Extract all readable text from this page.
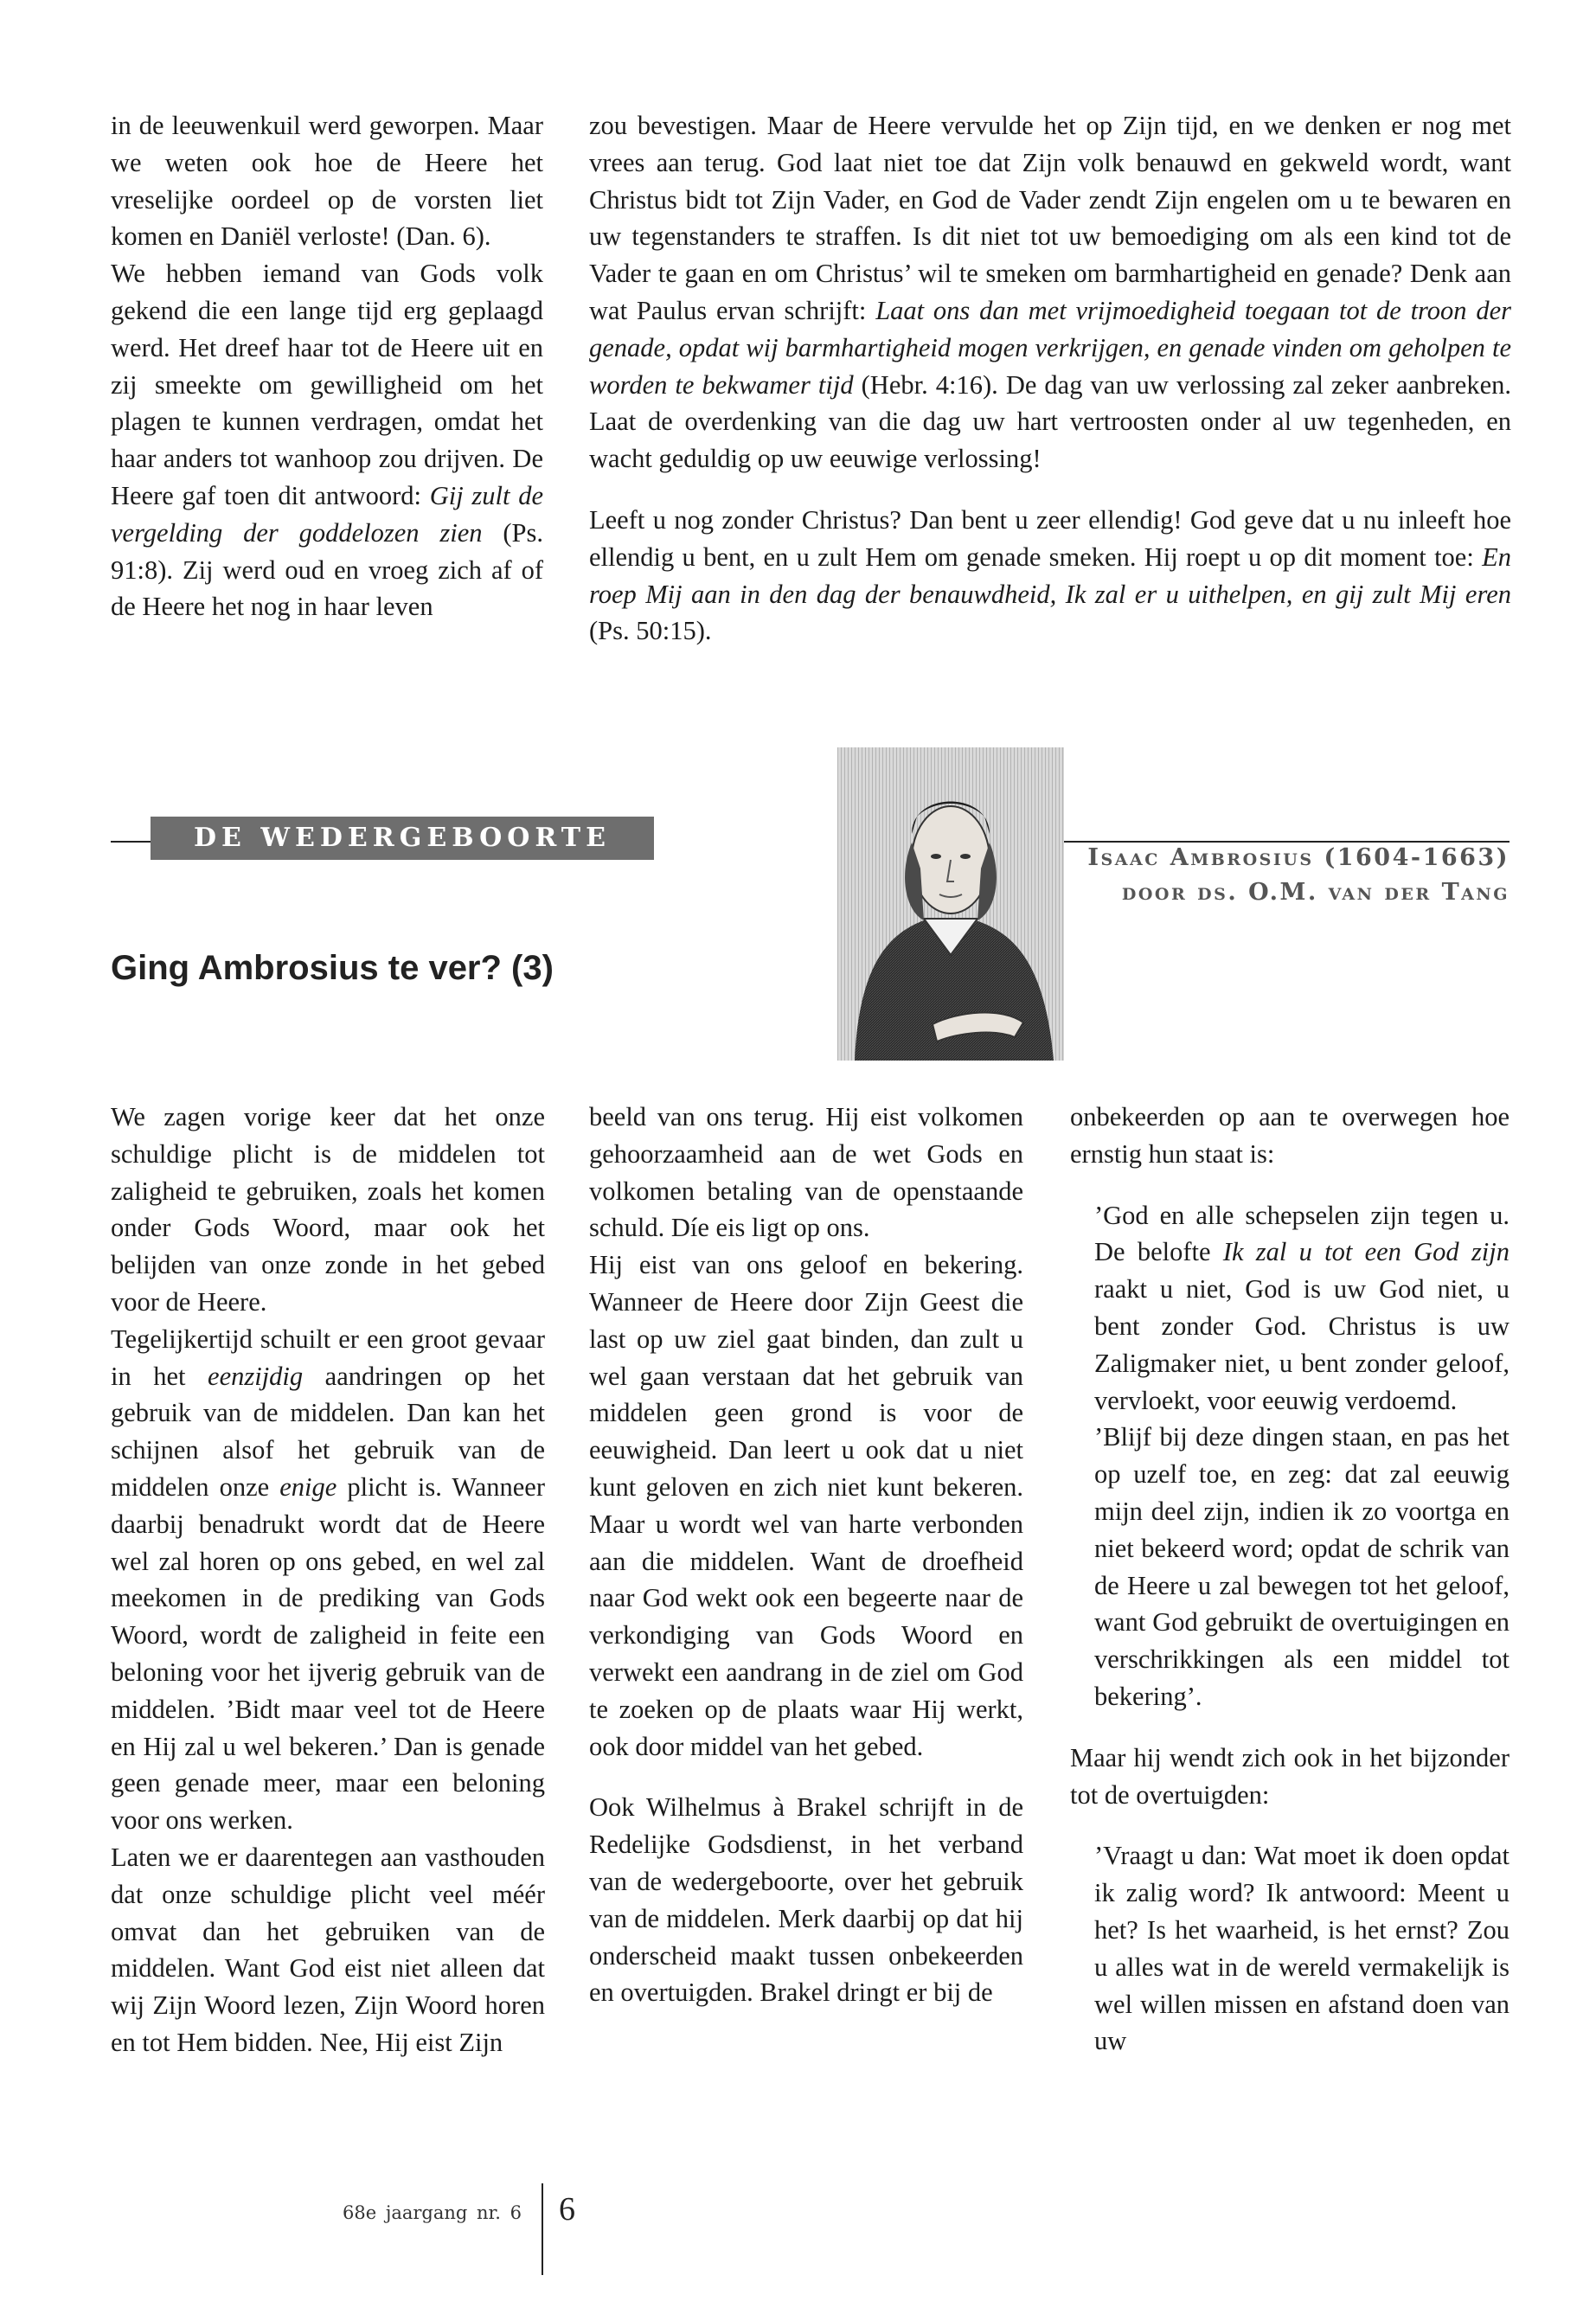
in de leeuwenkuil werd geworpen. Maar we weten ook hoe de Heere het vreselijke oordeel op de vorsten liet komen en Daniël verloste! (Dan. 6).

We hebben iemand van Gods volk gekend die een lange tijd erg geplaagd werd. Het dreef haar tot de Heere uit en zij smeekte om gewilligheid om het plagen te kunnen verdragen, omdat het haar anders tot wanhoop zou drijven. De Heere gaf toen dit antwoord: Gij zult de vergelding der goddelozen zien (Ps. 91:8). Zij werd oud en vroeg zich af of de Heere het nog in haar leven

zou bevestigen. Maar de Heere vervulde het op Zijn tijd, en we denken er nog met vrees aan terug. God laat niet toe dat Zijn volk benauwd en gekweld wordt, want Christus bidt tot Zijn Vader, en God de Vader zendt Zijn engelen om u te bewaren en uw tegenstanders te straffen. Is dit niet tot uw bemoediging om als een kind tot de Vader te gaan en om Christus’ wil te smeken om barmhartigheid en genade? Denk aan wat Paulus ervan schrijft: Laat ons dan met vrijmoedigheid toegaan tot de troon der genade, opdat wij barmhartigheid mogen verkrijgen, en genade vinden om geholpen te worden te bekwamer tijd (Hebr. 4:16). De dag van uw verlossing zal zeker aanbreken. Laat de overdenking van die dag uw hart vertroosten onder al uw tegenheden, en wacht geduldig op uw eeuwige verlossing!

Leeft u nog zonder Christus? Dan bent u zeer ellendig! God geve dat u nu inleeft hoe ellendig u bent, en u zult Hem om genade smeken. Hij roept u op dit moment toe: En roep Mij aan in den dag der benauwdheid, Ik zal er u uithelpen, en gij zult Mij eren (Ps. 50:15).

DE WEDERGEBOORTE
Isaac Ambrosius (1604-1663)
door ds. O.M. van der Tang
Ging Ambrosius te ver? (3)

We zagen vorige keer dat het onze schuldige plicht is de middelen tot zaligheid te gebruiken, zoals het komen onder Gods Woord, maar ook het belijden van onze zonde in het gebed voor de Heere.

Tegelijkertijd schuilt er een groot gevaar in het eenzijdig aandringen op het gebruik van de middelen. Dan kan het schijnen alsof het gebruik van de middelen onze enige plicht is. Wanneer daarbij benadrukt wordt dat de Heere wel zal horen op ons gebed, en wel zal meekomen in de prediking van Gods Woord, wordt de zaligheid in feite een beloning voor het ijverig gebruik van de middelen. ’Bidt maar veel tot de Heere en Hij zal u wel bekeren.’ Dan is genade geen genade meer, maar een beloning voor ons werken.

Laten we er daarentegen aan vasthouden dat onze schuldige plicht veel méér omvat dan het gebruiken van de middelen. Want God eist niet alleen dat wij Zijn Woord lezen, Zijn Woord horen en tot Hem bidden. Nee, Hij eist Zijn

beeld van ons terug. Hij eist volkomen gehoorzaamheid aan de wet Gods en volkomen betaling van de openstaande schuld. Díe eis ligt op ons.

Hij eist van ons geloof en bekering. Wanneer de Heere door Zijn Geest die last op uw ziel gaat binden, dan zult u wel gaan verstaan dat het gebruik van middelen geen grond is voor de eeuwigheid. Dan leert u ook dat u niet kunt geloven en zich niet kunt bekeren. Maar u wordt wel van harte verbonden aan die middelen. Want de droefheid naar God wekt ook een begeerte naar de verkondiging van Gods Woord en verwekt een aandrang in de ziel om God te zoeken op de plaats waar Hij werkt, ook door middel van het gebed.

Ook Wilhelmus à Brakel schrijft in de Redelijke Godsdienst, in het verband van de wedergeboorte, over het gebruik van de middelen. Merk daarbij op dat hij onderscheid maakt tussen onbekeerden en overtuigden. Brakel dringt er bij de

onbekeerden op aan te overwegen hoe ernstig hun staat is:

’God en alle schepselen zijn tegen u. De belofte Ik zal u tot een God zijn raakt u niet, God is uw God niet, u bent zonder God. Christus is uw Zaligmaker niet, u bent zonder geloof, vervloekt, voor eeuwig verdoemd.

’Blijf bij deze dingen staan, en pas het op uzelf toe, en zeg: dat zal eeuwig mijn deel zijn, indien ik zo voortga en niet bekeerd word; opdat de schrik van de Heere u zal bewegen tot het geloof, want God gebruikt de overtuigingen en verschrikkingen als een middel tot bekering’.

Maar hij wendt zich ook in het bijzonder tot de overtuigden:

’Vraagt u dan: Wat moet ik doen opdat ik zalig word? Ik antwoord: Meent u het? Is het waarheid, is het ernst? Zou u alles wat in de wereld vermakelijk is wel willen missen en afstand doen van uw

68e jaargang nr. 6 6
